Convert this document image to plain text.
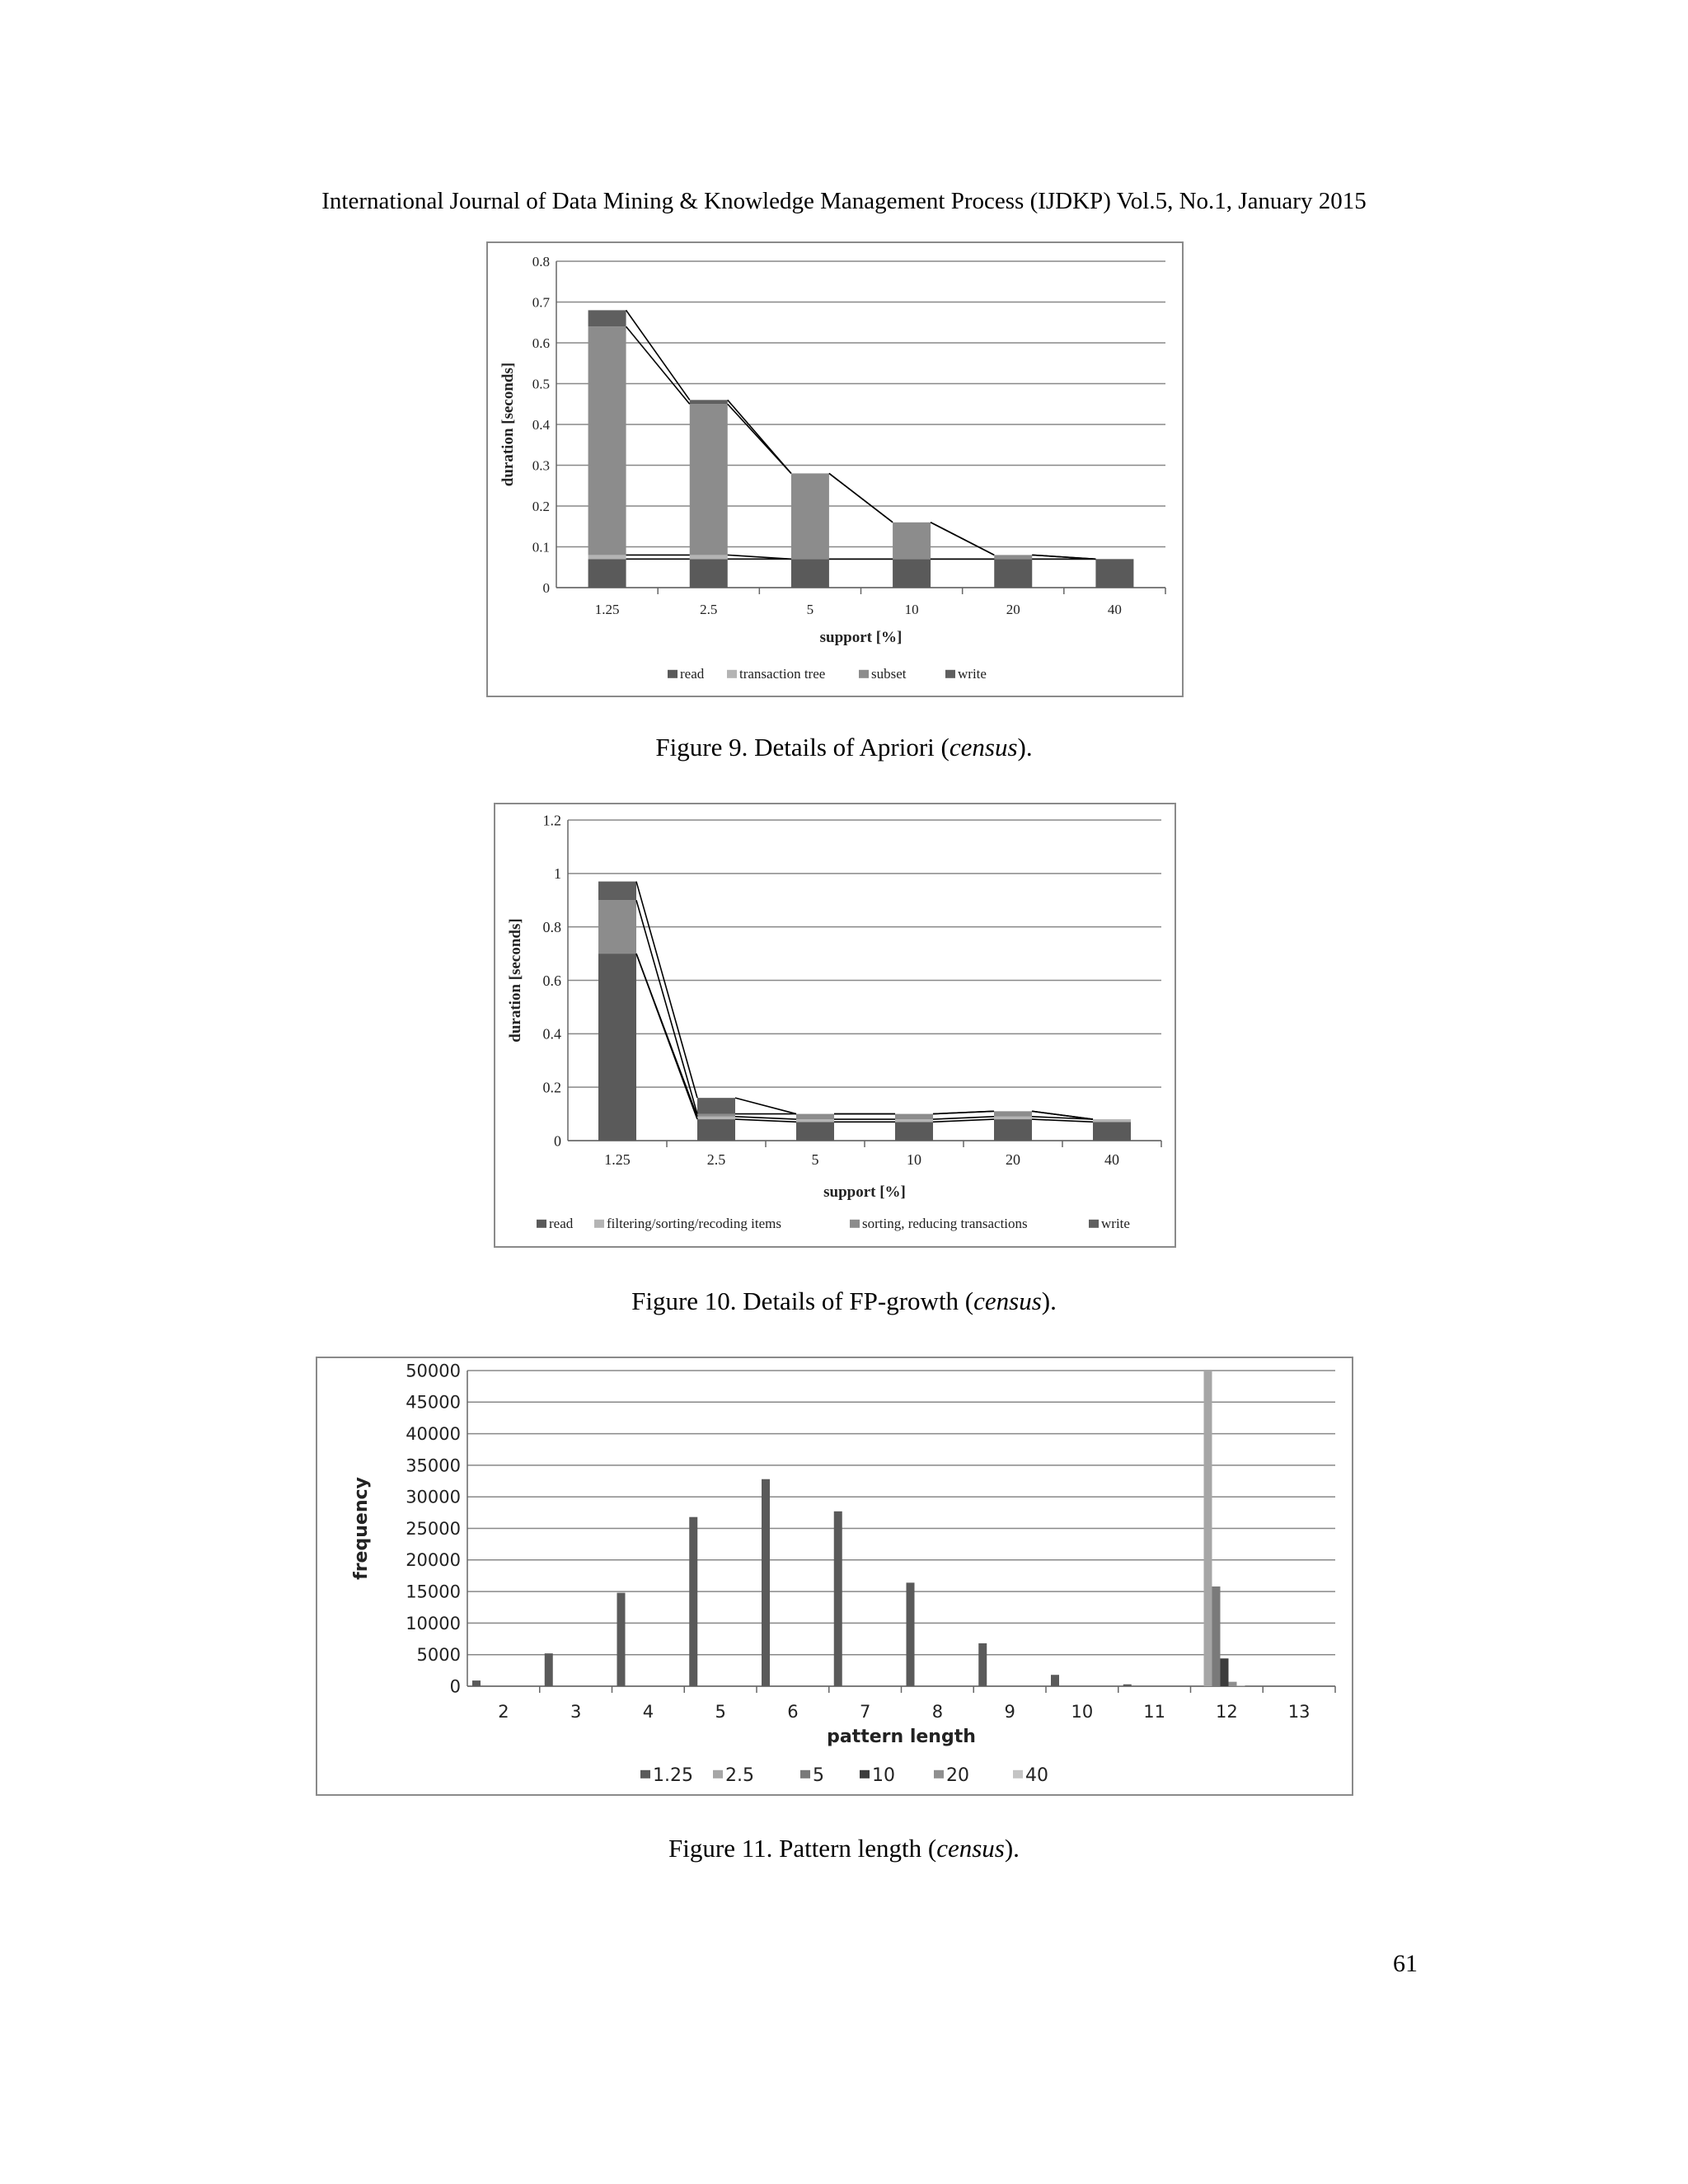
International Journal of Data Mining & Knowledge Management Process (IJDKP) Vol.5, No.1, January 2015
0
0.1
0.2
0.3
0.4
0.5
0.6
0.7
0.8
1.25	2.5	5	10	20	40
support [%]
duration [seconds]
read	transaction tree	subset	write
Figure 9. Details of Apriori (census).
0
0.2
0.4
0.6
0.8
1
1.2
1.25	2.5	5	10	20	40
support [%]
duration [seconds]
read filtering/sorting/recoding items	sorting, reducing transactions	write
Figure 10. Details of FP-growth (census).
0
5000
10000
15000
20000
25000
30000
35000
40000
45000
50000
2	3	4	5	6	7	8	9	10	11	12	13
pattern length
frequency
1.25 2.5	5	10	20	40
Figure 11. Pattern length (census).
61
